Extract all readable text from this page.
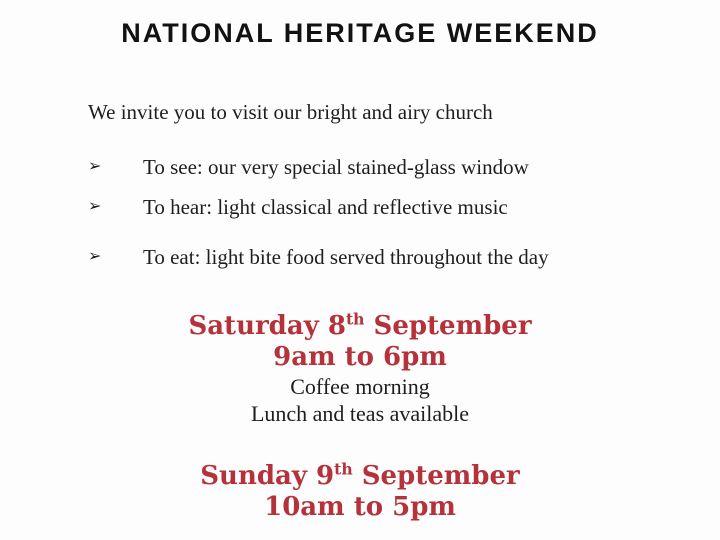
NATIONAL HERITAGE WEEKEND

We invite you to visit our bright and airy church

➢	To see: our very special stained-glass window
➢	To hear: light classical and reflective music
➢	To eat: light bite food served throughout the day
Saturday 8th September
9am to 6pm
Coffee morning
Lunch and teas available
Sunday 9th September
10am to 5pm
